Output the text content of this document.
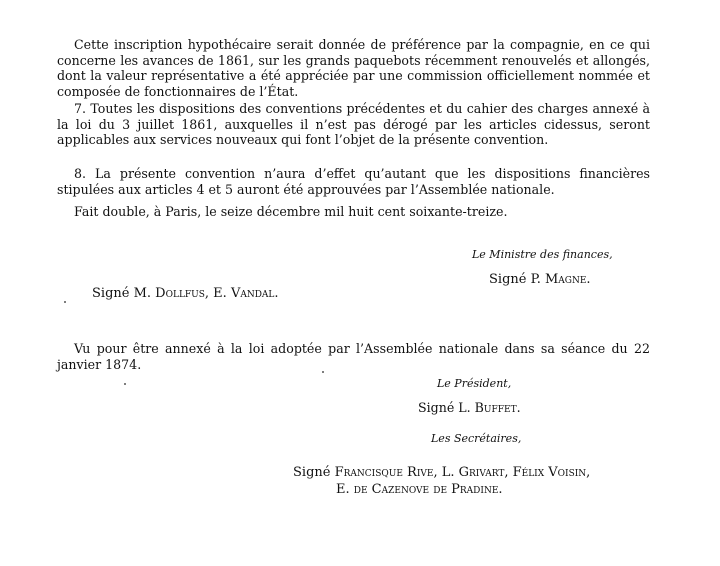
Cette inscription hypothécaire serait donnée de préférence par la compagnie, en ce qui concerne les avances de 1861, sur les grands paquebots récemment renouvelés et allongés, dont la valeur représentative a été appréciée par une commission officiellement nommée et composée de fonctionnaires de l’État.

7. Toutes les dispositions des conventions précédentes et du cahier des charges annexé à la loi du 3 juillet 1861, auxquelles il n’est pas dérogé par les articles cidessus, seront applicables aux services nouveaux qui font l’objet de la présente convention.

8. La présente convention n’aura d’effet qu’autant que les dispositions financières stipulées aux articles 4 et 5 auront été approuvées par l’Assemblée nationale.

Fait double, à Paris, le seize décembre mil huit cent soixante-treize.

Le Ministre des finances,

Signé P. Magne.

Signé M. Dollfus, E. Vandal.

Vu pour être annexé à la loi adoptée par l’Assemblée nationale dans sa séance du 22 janvier 1874.

Le Président,

Signé L. Buffet.

Les Secrétaires,

Signé Francisque Rive, L. Grivart, Félix Voisin,

E. de Cazenove de Pradine.
